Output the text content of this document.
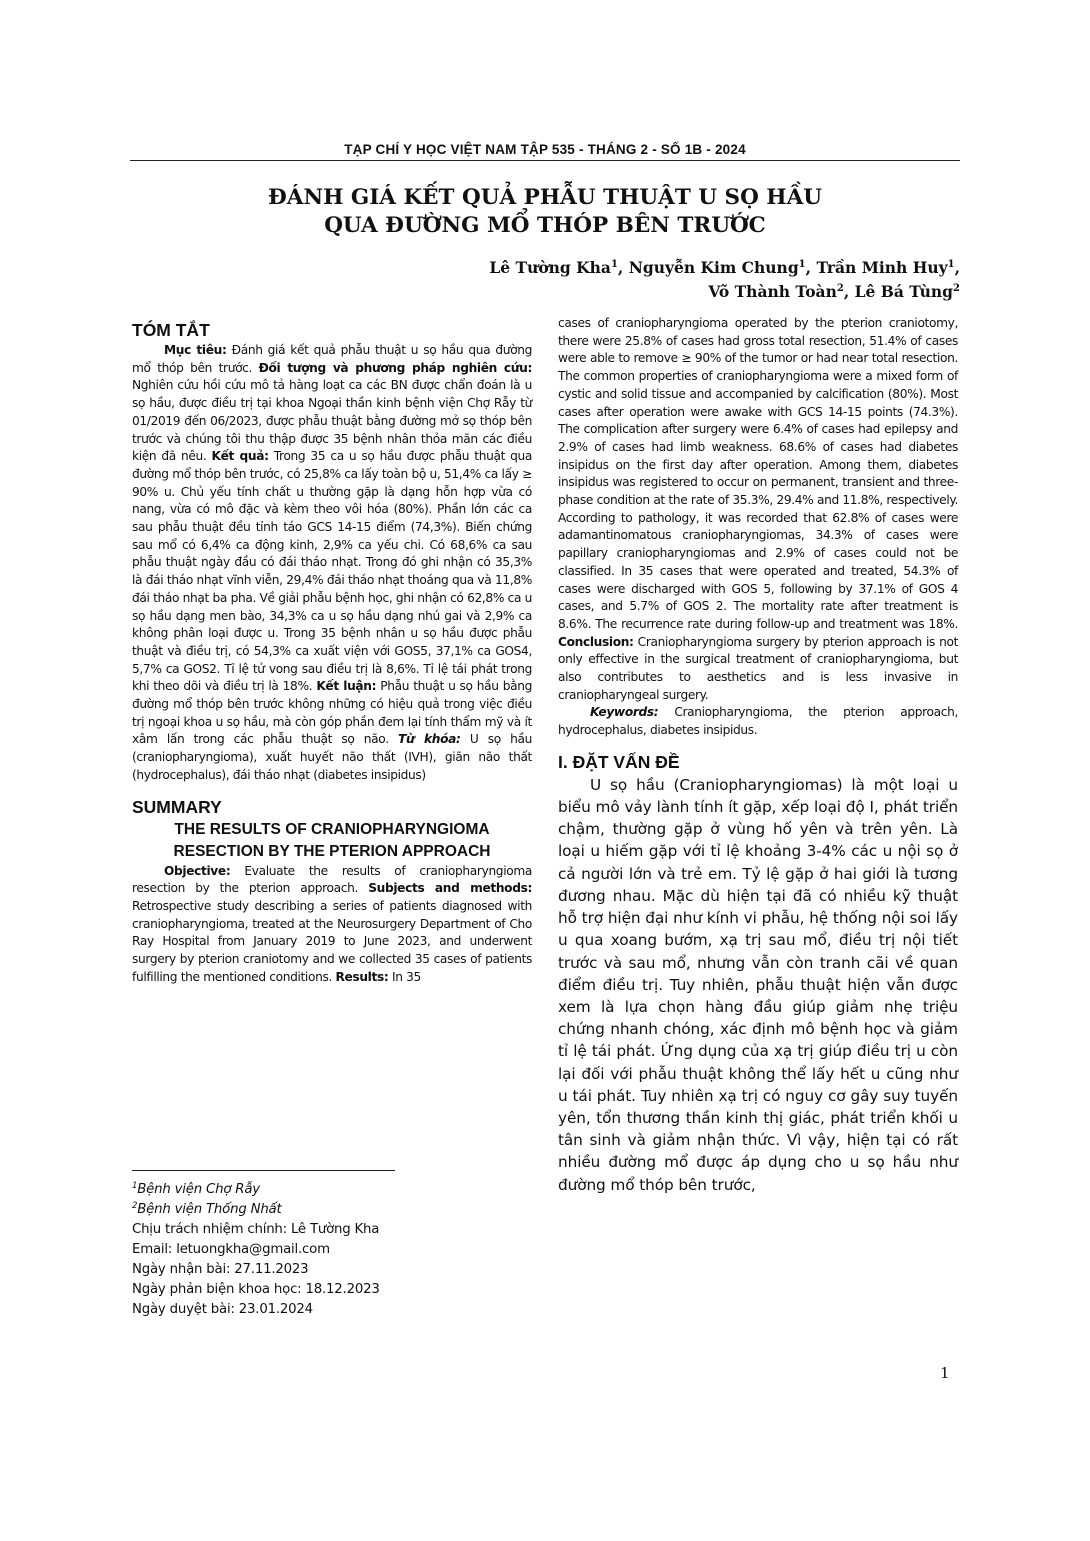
TẠP CHÍ Y HỌC VIỆT NAM TẬP 535 - THÁNG 2 - SỐ 1B - 2024
ĐÁNH GIÁ KẾT QUẢ PHẪU THUẬT U SỌ HẦU
QUA ĐƯỜNG MỔ THÓP BÊN TRƯỚC
Lê Tường Kha$^1$, Nguyễn Kim Chung$^1$, Trần Minh Huy$^1$,
Võ Thành Toàn$^2$, Lê Bá Tùng$^2$
TÓM TẮT

Mục tiêu: Đánh giá kết quả phẫu thuật u sọ hầu qua đường mổ thóp bên trước. Đối tượng và phương pháp nghiên cứu: Nghiên cứu hồi cứu mô tả hàng loạt ca các BN được chẩn đoán là u sọ hầu, được điều trị tại khoa Ngoại thần kinh bệnh viện Chợ Rẫy từ 01/2019 đến 06/2023, được phẫu thuật bằng đường mở sọ thóp bên trước và chúng tôi thu thập được 35 bệnh nhân thỏa mãn các điều kiện đã nêu. Kết quả: Trong 35 ca u sọ hầu được phẫu thuật qua đường mổ thóp bên trước, có 25,8% ca lấy toàn bộ u, 51,4% ca lấy ≥ 90% u. Chủ yếu tính chất u thường gặp là dạng hỗn hợp vừa có nang, vừa có mô đặc và kèm theo vôi hóa (80%). Phần lớn các ca sau phẫu thuật đều tỉnh táo GCS 14-15 điểm (74,3%). Biến chứng sau mổ có 6,4% ca động kinh, 2,9% ca yếu chi. Có 68,6% ca sau phẫu thuật ngày đầu có đái tháo nhạt. Trong đó ghi nhận có 35,3% là đái tháo nhạt vĩnh viễn, 29,4% đái tháo nhạt thoáng qua và 11,8% đái tháo nhạt ba pha. Về giải phẫu bệnh học, ghi nhận có 62,8% ca u sọ hầu dạng men bào, 34,3% ca u sọ hầu dạng nhú gai và 2,9% ca không phân loại được u. Trong 35 bệnh nhân u sọ hầu được phẫu thuật và điều trị, có 54,3% ca xuất viện với GOS5, 37,1% ca GOS4, 5,7% ca GOS2. Tỉ lệ tử vong sau điều trị là 8,6%. Tỉ lệ tái phát trong khi theo dõi và điều trị là 18%. Kết luận: Phẫu thuật u sọ hầu bằng đường mổ thóp bên trước không những có hiệu quả trong việc điều trị ngoại khoa u sọ hầu, mà còn góp phần đem lại tính thẩm mỹ và ít xâm lấn trong các phẫu thuật sọ não. Từ khóa: U sọ hầu (craniopharyngioma), xuất huyết não thất (IVH), giãn não thất (hydrocephalus), đái tháo nhạt (diabetes insipidus)

SUMMARY
THE RESULTS OF CRANIOPHARYNGIOMA
RESECTION BY THE PTERION APPROACH

Objective: Evaluate the results of craniopharyngioma resection by the pterion approach. Subjects and methods: Retrospective study describing a series of patients diagnosed with craniopharyngioma, treated at the Neurosurgery Department of Cho Ray Hospital from January 2019 to June 2023, and underwent surgery by pterion craniotomy and we collected 35 cases of patients fulfilling the mentioned conditions. Results: In 35

$^1$Bệnh viện Chợ Rẫy
$^2$Bệnh viện Thống Nhất
Chịu trách nhiệm chính: Lê Tường Kha
Email: letuongkha@gmail.com
Ngày nhận bài: 27.11.2023
Ngày phản biện khoa học: 18.12.2023
Ngày duyệt bài: 23.01.2024

cases of craniopharyngioma operated by the pterion craniotomy, there were 25.8% of cases had gross total resection, 51.4% of cases were able to remove ≥ 90% of the tumor or had near total resection. The common properties of craniopharyngioma were a mixed form of cystic and solid tissue and accompanied by calcification (80%). Most cases after operation were awake with GCS 14-15 points (74.3%). The complication after surgery were 6.4% of cases had epilepsy and 2.9% of cases had limb weakness. 68.6% of cases had diabetes insipidus on the first day after operation. Among them, diabetes insipidus was registered to occur on permanent, transient and three-phase condition at the rate of 35.3%, 29.4% and 11.8%, respectively. According to pathology, it was recorded that 62.8% of cases were adamantinomatous craniopharyngiomas, 34.3% of cases were papillary craniopharyngiomas and 2.9% of cases could not be classified. In 35 cases that were operated and treated, 54.3% of cases were discharged with GOS 5, following by 37.1% of GOS 4 cases, and 5.7% of GOS 2. The mortality rate after treatment is 8.6%. The recurrence rate during follow-up and treatment was 18%. Conclusion: Craniopharyngioma surgery by pterion approach is not only effective in the surgical treatment of craniopharyngioma, but also contributes to aesthetics and is less invasive in craniopharyngeal surgery.

Keywords: Craniopharyngioma, the pterion approach, hydrocephalus, diabetes insipidus.

I. ĐẶT VẤN ĐỀ

U sọ hầu (Craniopharyngiomas) là một loại u biểu mô vảy lành tính ít gặp, xếp loại độ I, phát triển chậm, thường gặp ở vùng hố yên và trên yên. Là loại u hiếm gặp với tỉ lệ khoảng 3-4% các u nội sọ ở cả người lớn và trẻ em. Tỷ lệ gặp ở hai giới là tương đương nhau. Mặc dù hiện tại đã có nhiều kỹ thuật hỗ trợ hiện đại như kính vi phẫu, hệ thống nội soi lấy u qua xoang bướm, xạ trị sau mổ, điều trị nội tiết trước và sau mổ, nhưng vẫn còn tranh cãi về quan điểm điều trị. Tuy nhiên, phẫu thuật hiện vẫn được xem là lựa chọn hàng đầu giúp giảm nhẹ triệu chứng nhanh chóng, xác định mô bệnh học và giảm tỉ lệ tái phát. Ứng dụng của xạ trị giúp điều trị u còn lại đối với phẫu thuật không thể lấy hết u cũng như u tái phát. Tuy nhiên xạ trị có nguy cơ gây suy tuyến yên, tổn thương thần kinh thị giác, phát triển khối u tân sinh và giảm nhận thức. Vì vậy, hiện tại có rất nhiều đường mổ được áp dụng cho u sọ hầu như đường mổ thóp bên trước,

1
